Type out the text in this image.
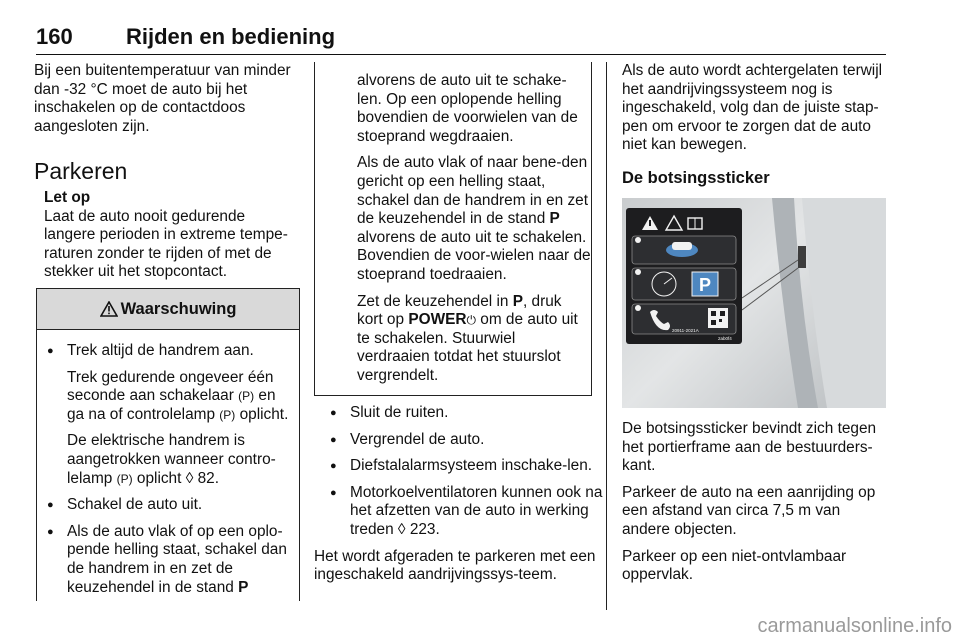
160 Rijden en bediening

Bij een buitentemperatuur van minder dan -32 °C moet de auto bij het inschakelen op de contactdoos aangesloten zijn.

Parkeren
Let op
Laat de auto nooit gedurende langere perioden in extreme tempe-raturen zonder te rijden of met de stekker uit het stopcontact.
Waarschuwing
● Trek altijd de handrem aan.
Trek gedurende ongeveer één seconde aan schakelaar (P) en ga na of controlelamp (P) oplicht.
De elektrische handrem is aangetrokken wanneer contro-lelamp (P) oplicht ◊ 82.
● Schakel de auto uit.
● Als de auto vlak of op een oplo-pende helling staat, schakel dan de handrem in en zet de keuzehendel in de stand P

alvorens de auto uit te schake-len. Op een oplopende helling bovendien de voorwielen van de stoeprand wegdraaien.

Als de auto vlak of naar bene-den gericht op een helling staat, schakel dan de handrem in en zet de keuzehendel in de stand P alvorens de auto uit te schakelen. Bovendien de voor-wielen naar de stoeprand toedraaien.

Zet de keuzehendel in P, druk kort op POWER⏻ om de auto uit te schakelen. Stuurwiel verdraaien totdat het stuurslot vergrendelt.

● Sluit de ruiten.
● Vergrendel de auto.
● Diefstalalarmsysteem inschake-len.
● Motorkoelventilatoren kunnen ook na het afzetten van de auto in werking treden ◊ 223.

Het wordt afgeraden te parkeren met een ingeschakeld aandrijvingssys-teem.

Als de auto wordt achtergelaten terwijl het aandrijvingssysteem nog is ingeschakeld, volg dan de juiste stap-pen om ervoor te zorgen dat de auto niet kan bewegen.

De botsingssticker

P
20911-2021A
2ab0f4

De botsingssticker bevindt zich tegen het portierframe aan de bestuurders-kant.

Parkeer de auto na een aanrijding op een afstand van circa 7,5 m van andere objecten.

Parkeer op een niet-ontvlambaar oppervlak.

carmanualsonline.info
